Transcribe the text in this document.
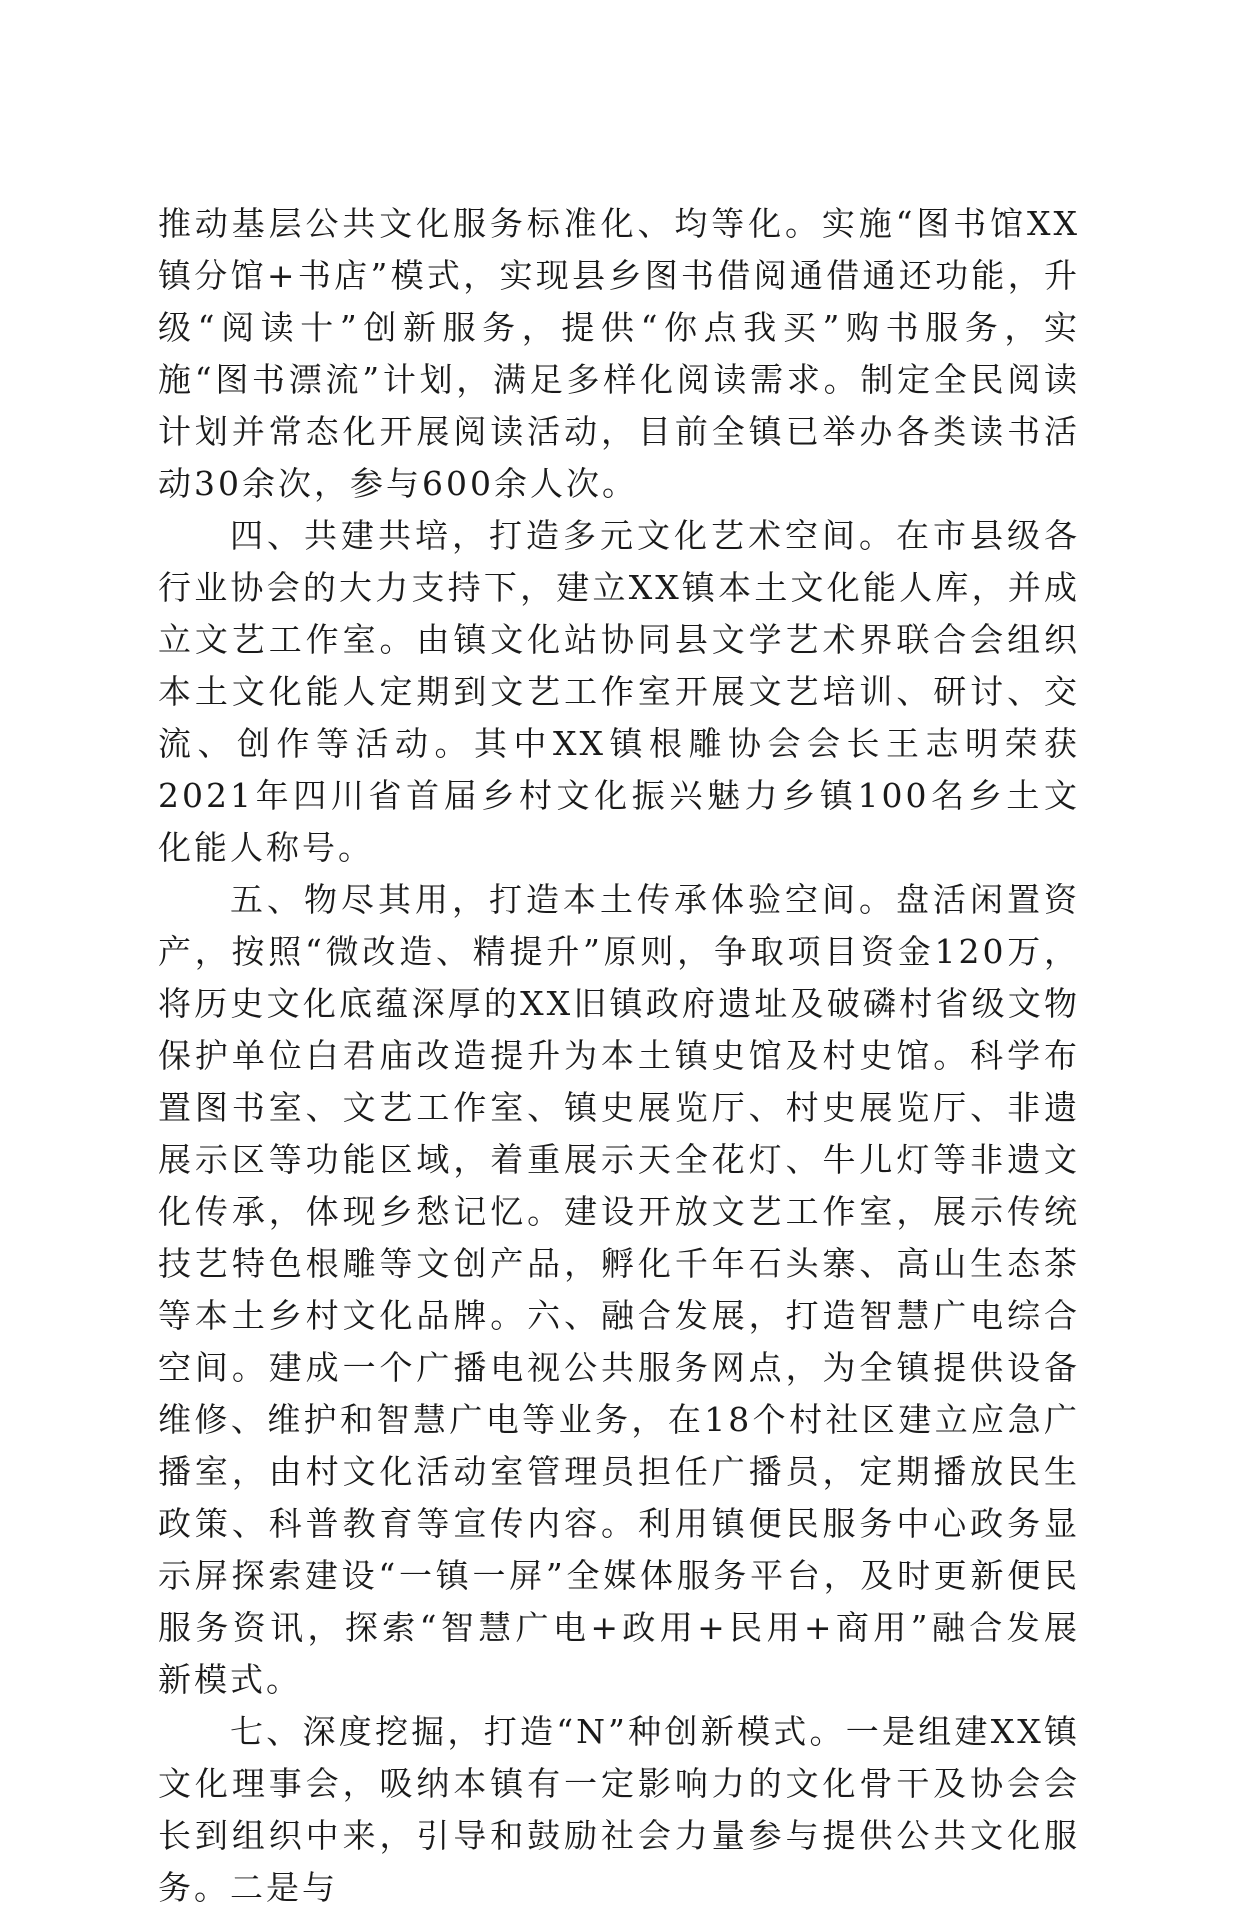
推动基层公共文化服务标准化、均等化。实施“图书馆XX镇分馆+书店”模式，实现县乡图书借阅通借通还功能，升级“阅读十”创新服务，提供“你点我买”购书服务，实施“图书漂流”计划，满足多样化阅读需求。制定全民阅读计划并常态化开展阅读活动，目前全镇已举办各类读书活动30余次，参与600余人次。

四、共建共培，打造多元文化艺术空间。在市县级各行业协会的大力支持下，建立XX镇本土文化能人库，并成立文艺工作室。由镇文化站协同县文学艺术界联合会组织本土文化能人定期到文艺工作室开展文艺培训、研讨、交流、创作等活动。其中XX镇根雕协会会长王志明荣获2021年四川省首届乡村文化振兴魅力乡镇100名乡土文化能人称号。

五、物尽其用，打造本土传承体验空间。盘活闲置资产，按照“微改造、精提升”原则，争取项目资金120万，将历史文化底蕴深厚的XX旧镇政府遗址及破磷村省级文物保护单位白君庙改造提升为本土镇史馆及村史馆。科学布置图书室、文艺工作室、镇史展览厅、村史展览厅、非遗展示区等功能区域，着重展示天全花灯、牛儿灯等非遗文化传承，体现乡愁记忆。建设开放文艺工作室，展示传统技艺特色根雕等文创产品，孵化千年石头寨、高山生态茶等本土乡村文化品牌。六、融合发展，打造智慧广电综合空间。建成一个广播电视公共服务网点，为全镇提供设备维修、维护和智慧广电等业务，在18个村社区建立应急广播室，由村文化活动室管理员担任广播员，定期播放民生政策、科普教育等宣传内容。利用镇便民服务中心政务显示屏探索建设“一镇一屏”全媒体服务平台，及时更新便民服务资讯，探索“智慧广电+政用+民用+商用”融合发展新模式。

七、深度挖掘，打造“N”种创新模式。一是组建XX镇文化理事会，吸纳本镇有一定影响力的文化骨干及协会会长到组织中来，引导和鼓励社会力量参与提供公共文化服务。二是与
